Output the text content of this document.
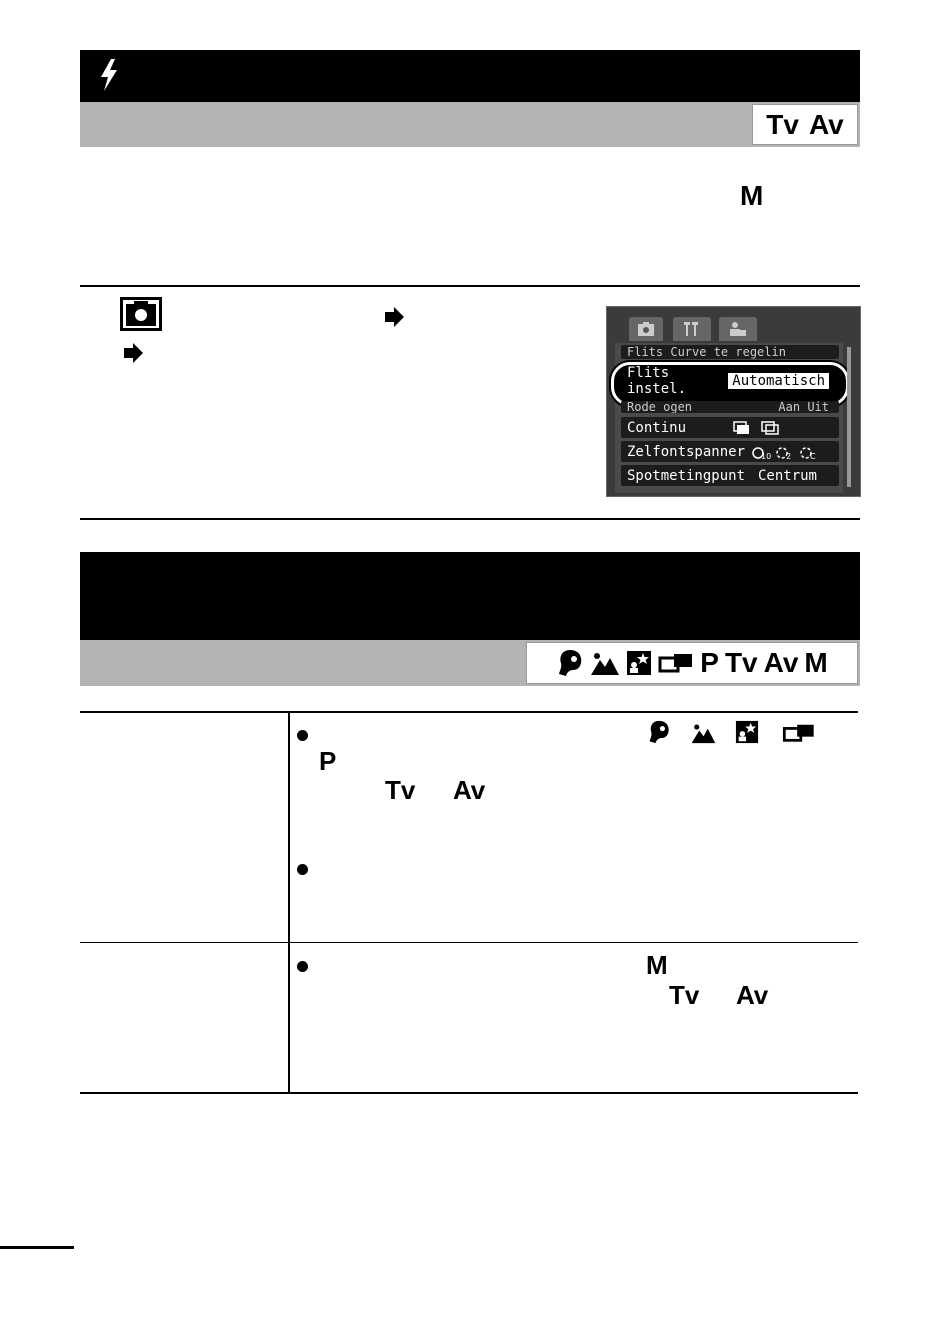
Tv Av
M
Flits Curve te regelin
Flits instel.	Automatisch
Rode ogen	Aan Uit
Continu
Zelfontspanner 10 2 C
Spotmetingpunt Centrum
P Tv Av M
P
Tv Av
M
Tv Av
